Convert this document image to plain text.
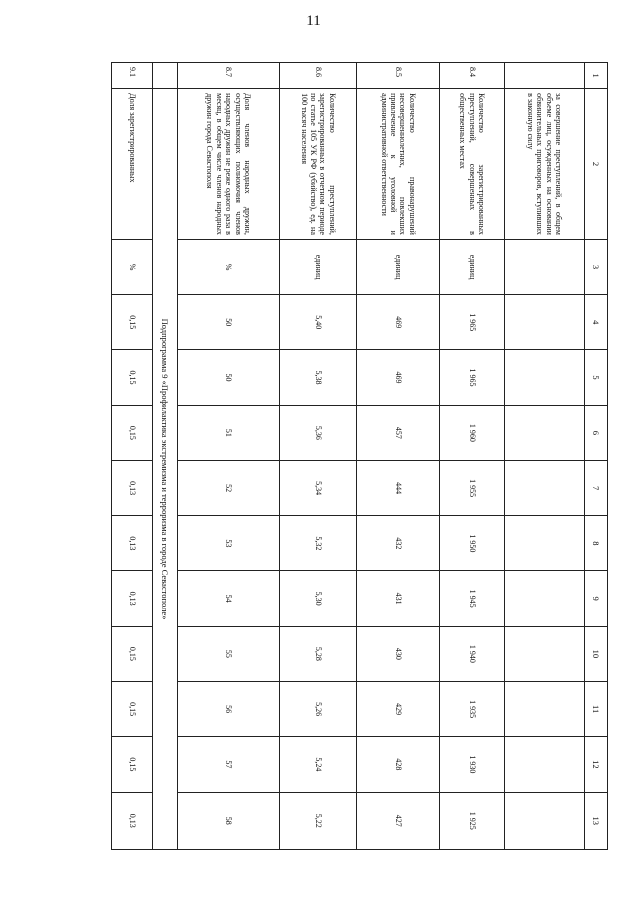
11
1	2	3	4	5	6	7	8	9	10	11	12	13
	за совершение преступлений, в общем объеме лиц, осужденных на основании обвинительных приговоров, вступивших в законную силу											
8.4	Количество зарегистрированных преступлений, совершенных в общественных местах	единиц	1 965	1 965	1 960	1 955	1 950	1 945	1 940	1 935	1 930	1 925
8.5	Количество правонарушений несовершеннолетних, повлекших привлечение к уголовной и административной ответственности	единиц	469	469	457	444	432	431	430	429	428	427
8.6	Количество преступлений, зарегистрированных в отчетном периоде по статье 105 УК РФ (убийство), ед. на 100 тысяч населения	единиц	5,40	5,38	5,36	5,34	5,32	5,30	5,28	5,26	5,24	5,22
8.7	Доля членов народных дружин, осуществляющих полномочия членов народных дружин не реже одного раза в месяц, в общем числе членов народных дружин города Севастополя	%	50	50	51	52	53	54	55	56	57	58
	Подпрограмма 9 «Профилактика экстремизма и терроризма в городе Севастополе»											
9.1	Доля зарегистрированных	%	0,15	0,15	0,15	0,13	0,13	0,13	0,15	0,15	0,15	0,13
